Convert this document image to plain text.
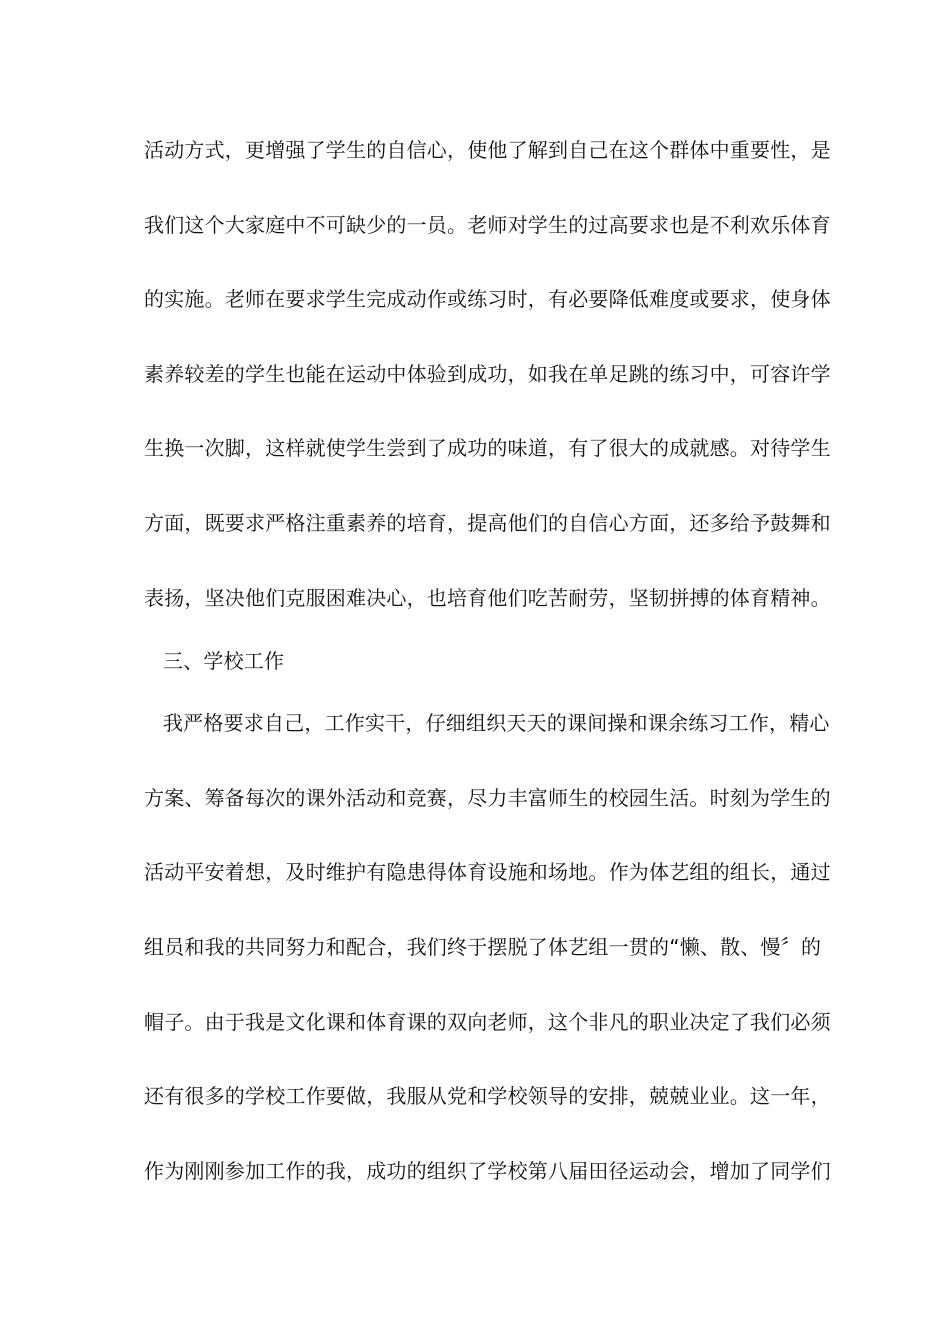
活动方式，更增强了学生的自信心，使他了解到自己在这个群体中重要性，是
我们这个大家庭中不可缺少的一员。老师对学生的过高要求也是不利欢乐体育
的实施。老师在要求学生完成动作或练习时，有必要降低难度或要求，使身体
素养较差的学生也能在运动中体验到成功，如我在单足跳的练习中，可容许学
生换一次脚，这样就使学生尝到了成功的味道，有了很大的成就感。对待学生
方面，既要求严格注重素养的培育，提高他们的自信心方面，还多给予鼓舞和
表扬，坚决他们克服困难决心，也培育他们吃苦耐劳，坚韧拼搏的体育精神。
三、学校工作
我严格要求自己，工作实干，仔细组织天天的课间操和课余练习工作，精心
方案、筹备每次的课外活动和竞赛，尽力丰富师生的校园生活。时刻为学生的
活动平安着想，及时维护有隐患得体育设施和场地。作为体艺组的组长，通过
组员和我的共同努力和配合，我们终于摆脱了体艺组一贯的“懒、散、慢〞的
帽子。由于我是文化课和体育课的双向老师，这个非凡的职业决定了我们必须
还有很多的学校工作要做，我服从党和学校领导的安排，兢兢业业。这一年，
作为刚刚参加工作的我，成功的组织了学校第八届田径运动会，增加了同学们
